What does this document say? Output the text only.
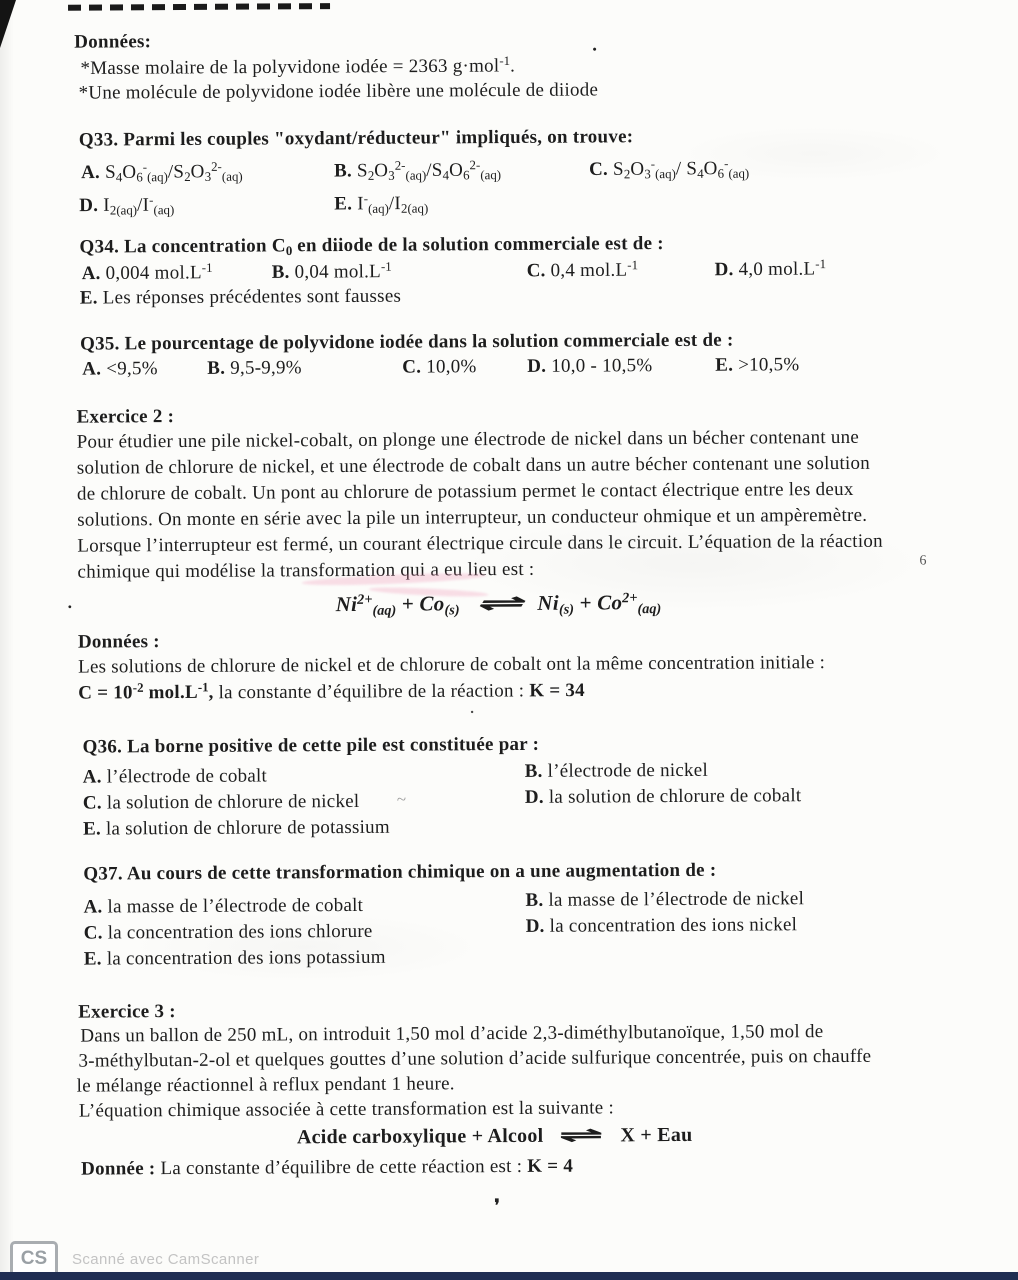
Données:
*Masse molaire de la polyvidone iodée = 2363 g·mol$^{-1}$.
•
*Une molécule de polyvidone iodée libère une molécule de diiode
Q33. Parmi les couples "oxydant/réducteur" impliqués, on trouve:
A. $S_4O_6^-_{(aq)}/S_2O_3^{2-}_{(aq)}$	B. $S_2O_3^{2-}_{(aq)}/S_4O_6^{2-}_{(aq)}$	C. $S_2O_3^-_{(aq)}/$ $S_4O_6^-_{(aq)}$
D. $I_{2(aq)}/I^-_{(aq)}$	E. $I^-_{(aq)}/I_{2(aq)}$
Q34. La concentration $C_0$ en diiode de la solution commerciale est de :
A. 0,004 $mol.L^{-1}$	B. 0,04 $mol.L^{-1}$	C. 0,4 $mol.L^{-1}$	D. 4,0 $mol.L^{-1}$
E. Les réponses précédentes sont fausses
Q35. Le pourcentage de polyvidone iodée dans la solution commerciale est de :
A. <9,5%	B. 9,5-9,9%	C. 10,0%	D. 10,0 - 10,5%	E. >10,5%
Exercice 2 :
Pour étudier une pile nickel-cobalt, on plonge une électrode de nickel dans un bécher contenant une
solution de chlorure de nickel, et une électrode de cobalt dans un autre bécher contenant une solution
de chlorure de cobalt. Un pont au chlorure de potassium permet le contact électrique entre les deux
solutions. On monte en série avec la pile un interrupteur, un conducteur ohmique et un ampèremètre.
Lorsque l’interrupteur est fermé, un courant électrique circule dans le circuit. L’équation de la réaction
chimique qui modélise la transformation qui a eu lieu est :	6
•	$Ni^{2+}_{(aq)} + Co_{(s)}$ ⇌ $Ni_{(s)} + Co^{2+}_{(aq)}$
Données :
Les solutions de chlorure de nickel et de chlorure de cobalt ont la même concentration initiale :
$C = 10^{-2}$ $mol.L^{-1}$, la constante d’équilibre de la réaction : K = 34
•
Q36. La borne positive de cette pile est constituée par :
A. l’électrode de cobalt	B. l’électrode de nickel
C. la solution de chlorure de nickel ~	D. la solution de chlorure de cobalt
E. la solution de chlorure de potassium
Q37. Au cours de cette transformation chimique on a une augmentation de :
A. la masse de l’électrode de cobalt	B. la masse de l’électrode de nickel
C. la concentration des ions chlorure	D. la concentration des ions nickel
E. la concentration des ions potassium
Exercice 3 :
Dans un ballon de 250 mL, on introduit 1,50 mol d’acide 2,3-diméthylbutanoïque, 1,50 mol de
3-méthylbutan-2-ol et quelques gouttes d’une solution d’acide sulfurique concentrée, puis on chauffe
le mélange réactionnel à reflux pendant 1 heure.
L’équation chimique associée à cette transformation est la suivante :
Acide carboxylique + Alcool ⇌ X + Eau
Donnée : La constante d’équilibre de cette réaction est : K = 4
❜
CS Scanné avec CamScanner
